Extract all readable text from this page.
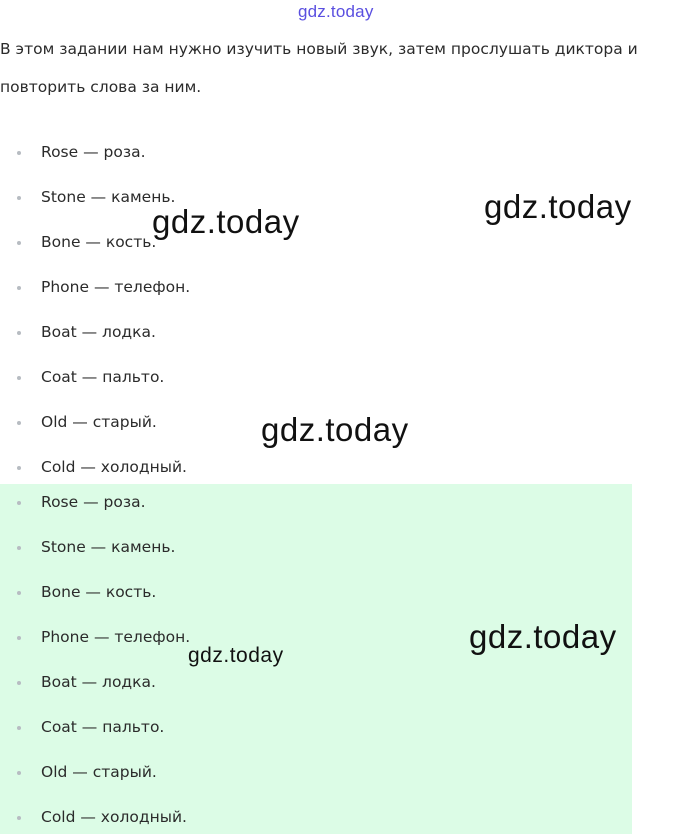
gdz.today

В этом задании нам нужно изучить новый звук, затем прослушать диктора и
повторить слова за ним.

Rose — роза.
Stone — камень.
Bone — кость.
Phone — телефон.
Boat — лодка.
Coat — пальто.
Old — старый.
Cold — холодный.
Rose — роза.
Stone — камень.
Bone — кость.
Phone — телефон.
Boat — лодка.
Coat — пальто.
Old — старый.
Cold — холодный.
gdz.today	gdz.today
gdz.today
gdz.today
gdz.today
